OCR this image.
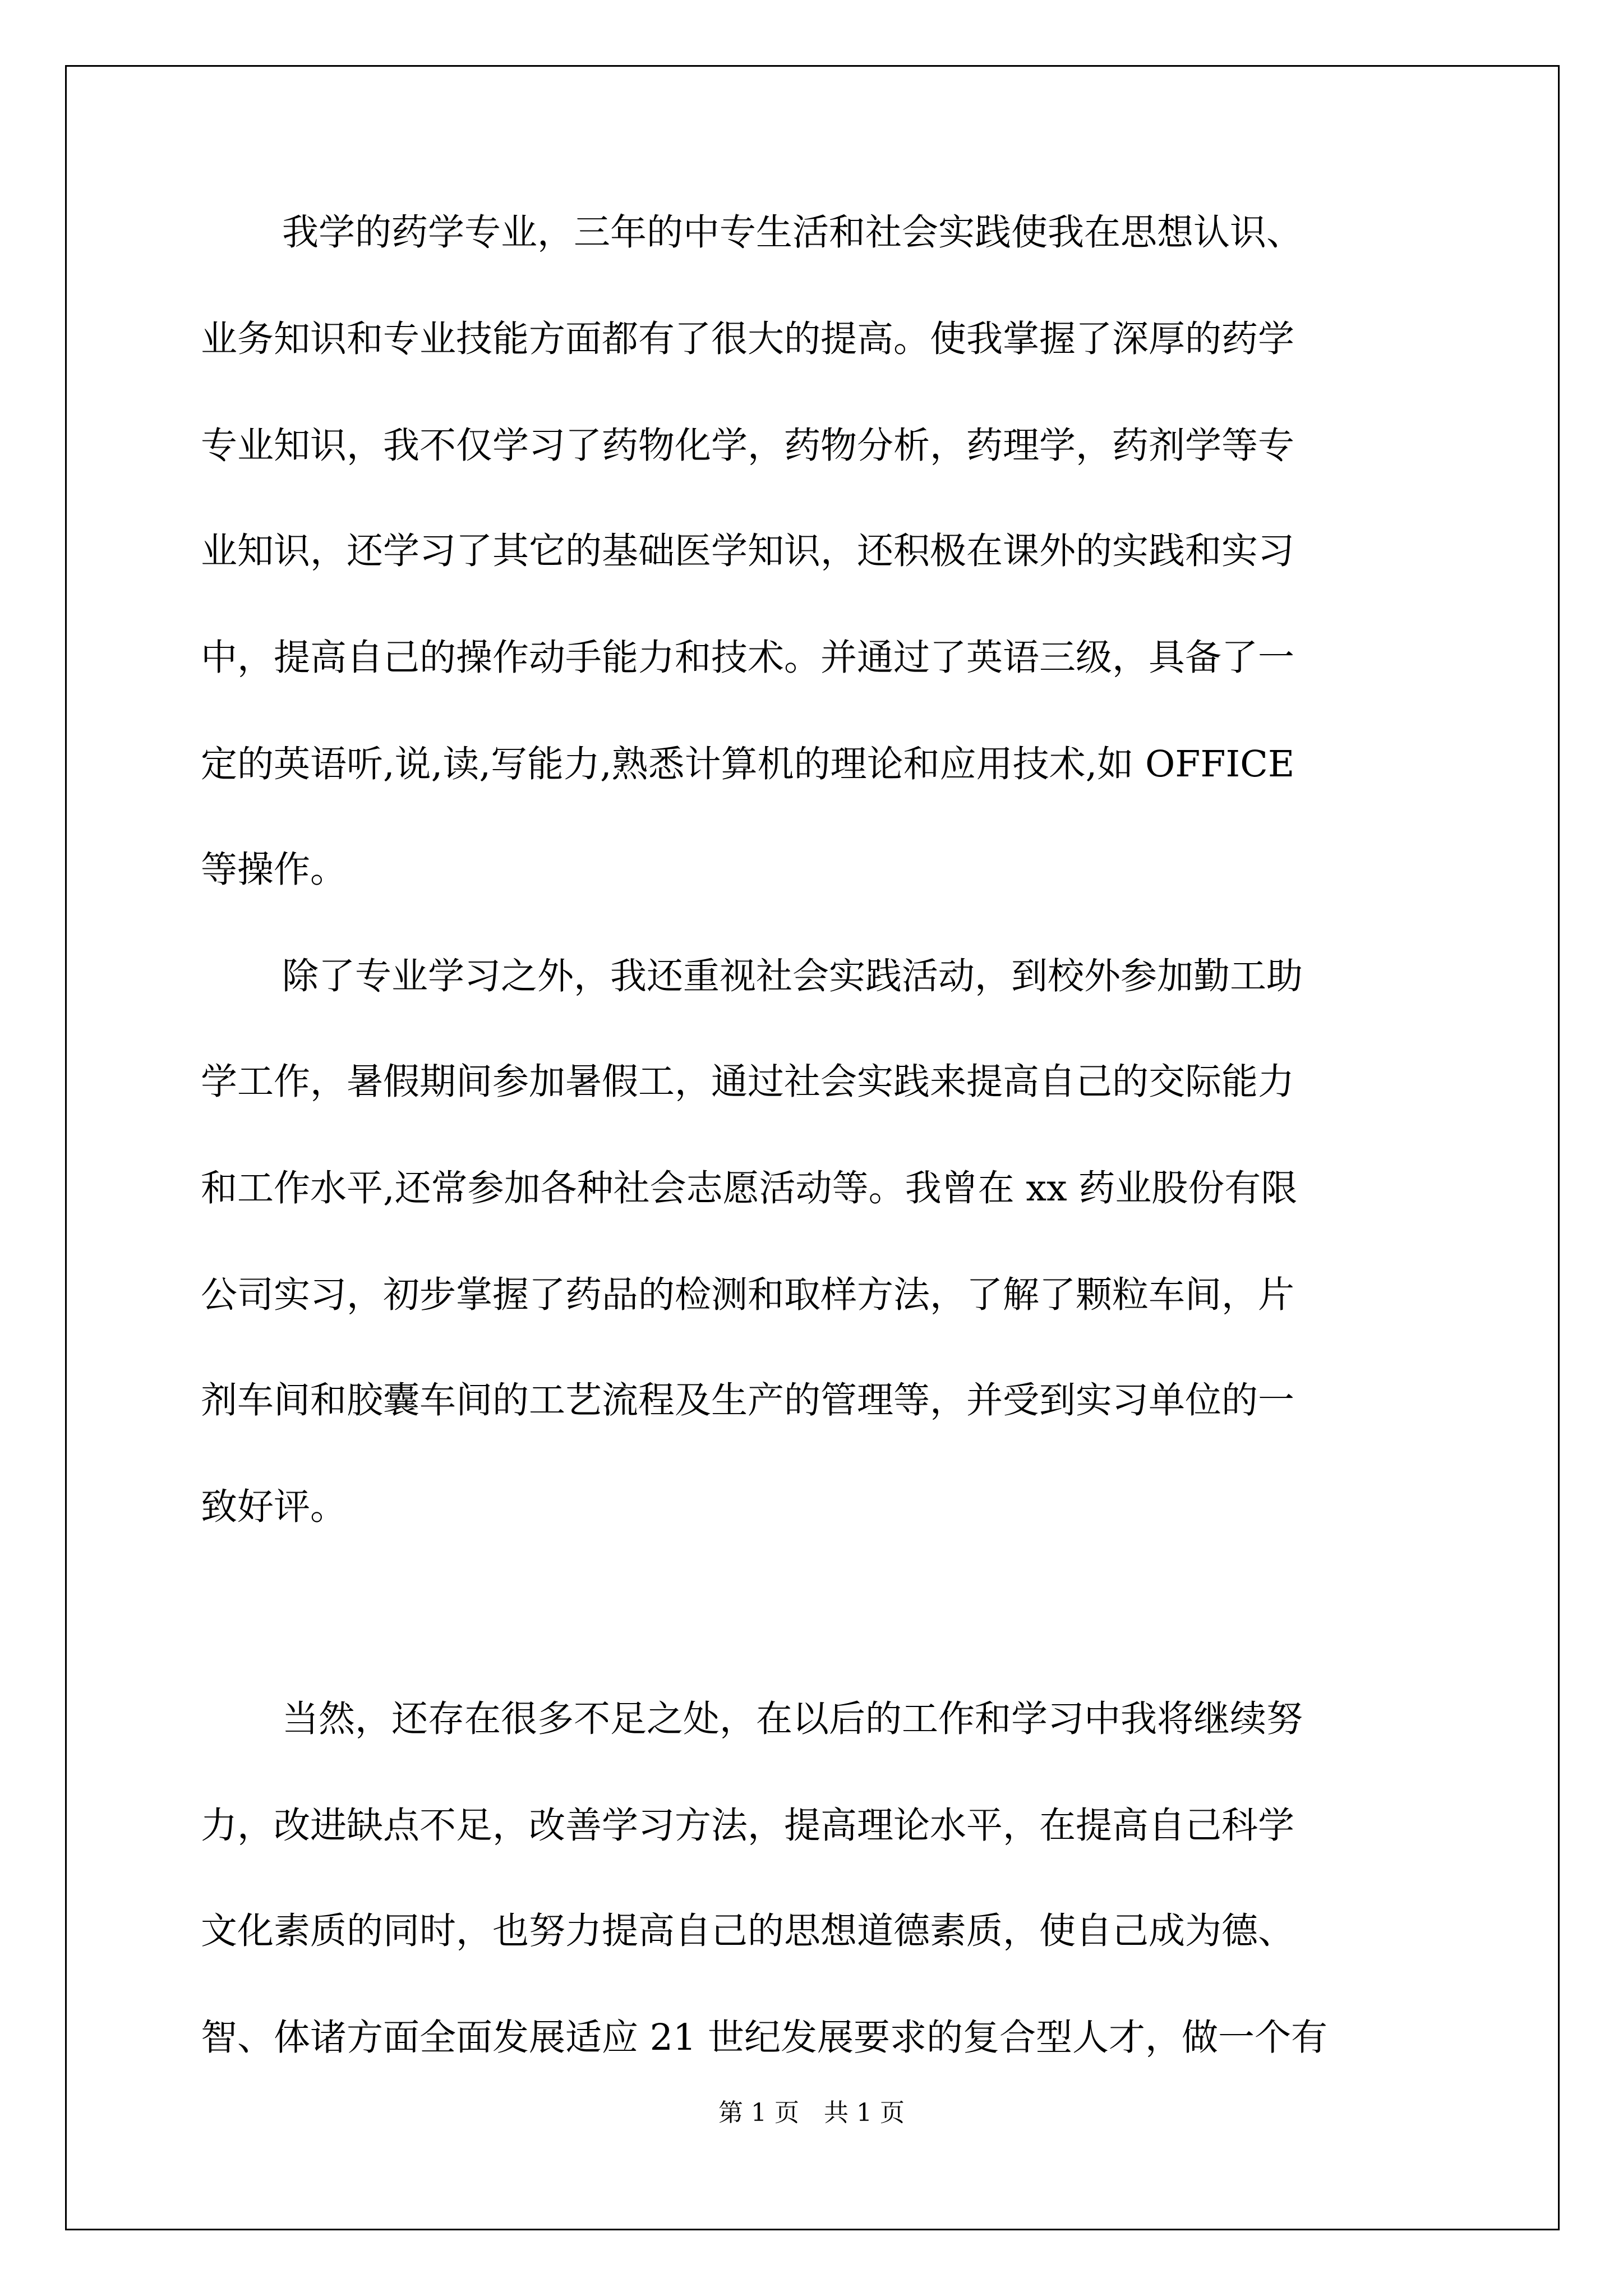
我学的药学专业，三年的中专生活和社会实践使我在思想认识、

业务知识和专业技能方面都有了很大的提高。使我掌握了深厚的药学

专业知识，我不仅学习了药物化学，药物分析，药理学，药剂学等专

业知识，还学习了其它的基础医学知识，还积极在课外的实践和实习

中，提高自己的操作动手能力和技术。并通过了英语三级，具备了一

定的英语听,说,读,写能力,熟悉计算机的理论和应用技术,如 OFFICE

等操作。

除了专业学习之外，我还重视社会实践活动，到校外参加勤工助

学工作，暑假期间参加暑假工，通过社会实践来提高自己的交际能力

和工作水平,还常参加各种社会志愿活动等。我曾在 xx 药业股份有限

公司实习，初步掌握了药品的检测和取样方法，了解了颗粒车间，片

剂车间和胶囊车间的工艺流程及生产的管理等，并受到实习单位的一

致好评。

当然，还存在很多不足之处，在以后的工作和学习中我将继续努

力，改进缺点不足，改善学习方法，提高理论水平，在提高自己科学

文化素质的同时，也努力提高自己的思想道德素质，使自己成为德、

智、体诸方面全面发展适应 21 世纪发展要求的复合型人才，做一个有

第 1 页　共 1 页
